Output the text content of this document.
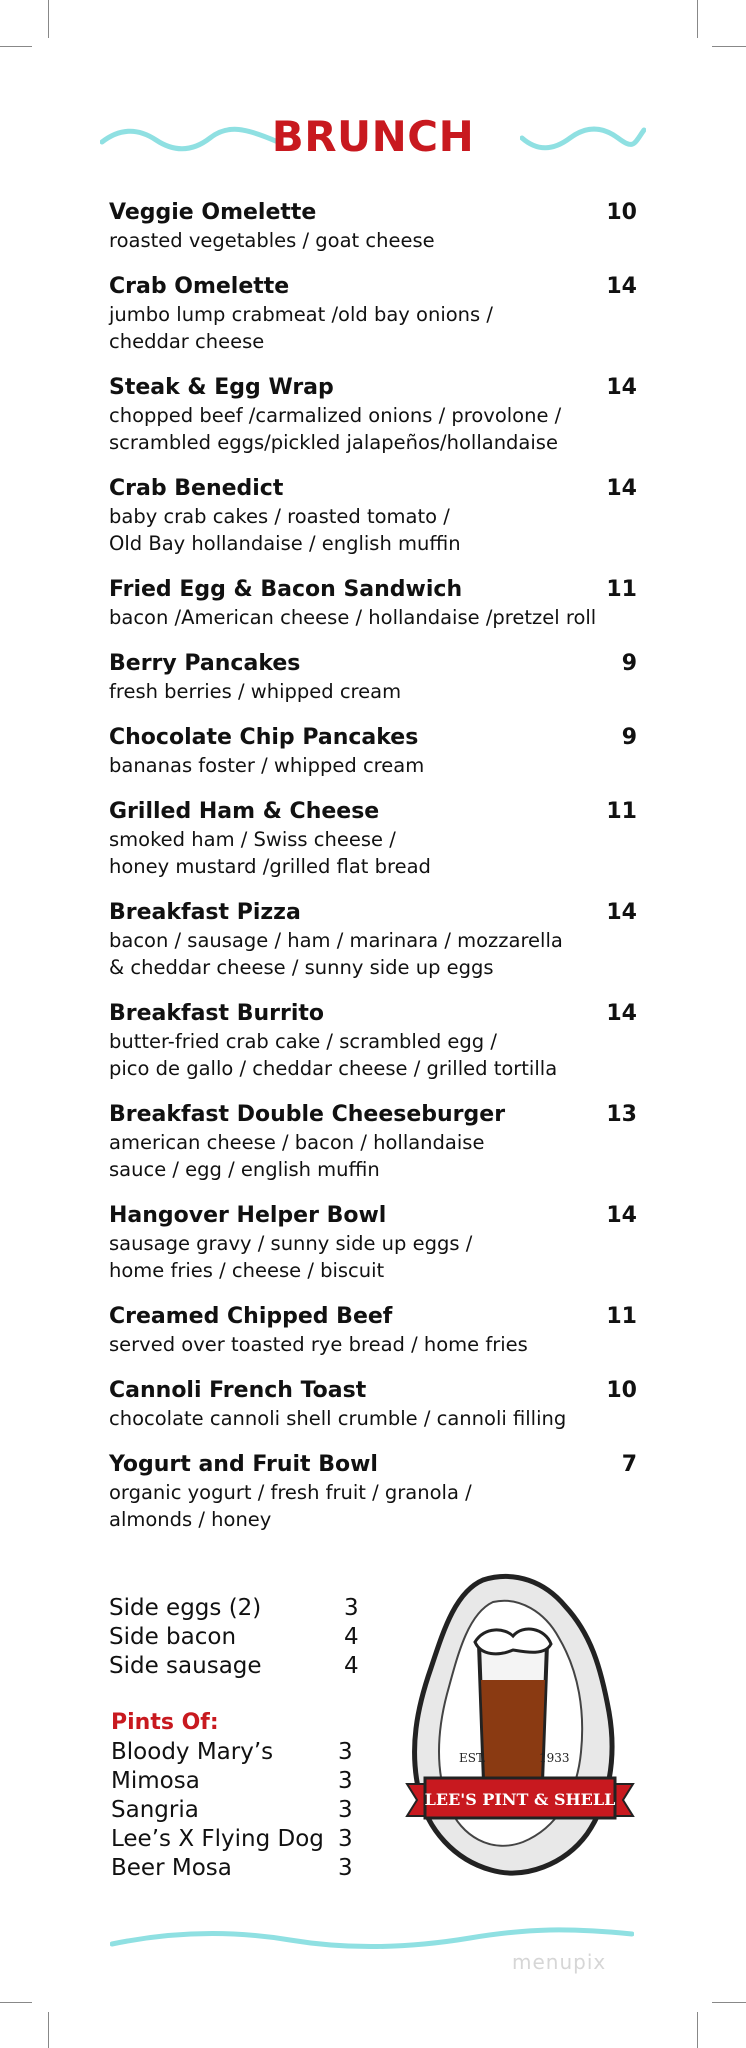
BRUNCH
Veggie Omelette	10
roasted vegetables / goat cheese
Crab Omelette	14
jumbo lump crabmeat /old bay onions /
cheddar cheese
Steak & Egg Wrap	14
chopped beef /carmalized onions / provolone /
scrambled eggs/pickled jalapeños/hollandaise
Crab Benedict	14
baby crab cakes / roasted tomato /
Old Bay hollandaise / english muffin
Fried Egg & Bacon Sandwich	11
bacon /American cheese / hollandaise /pretzel roll
Berry Pancakes	9
fresh berries / whipped cream
Chocolate Chip Pancakes	9
bananas foster / whipped cream
Grilled Ham & Cheese	11
smoked ham / Swiss cheese /
honey mustard /grilled flat bread
Breakfast Pizza	14
bacon / sausage / ham / marinara / mozzarella
& cheddar cheese / sunny side up eggs
Breakfast Burrito	14
butter-fried crab cake / scrambled egg /
pico de gallo / cheddar cheese / grilled tortilla
Breakfast Double Cheeseburger	13
american cheese / bacon / hollandaise
sauce / egg / english muffin
Hangover Helper Bowl	14
sausage gravy / sunny side up eggs /
home fries / cheese / biscuit
Creamed Chipped Beef	11
served over toasted rye bread / home fries
Cannoli French Toast	10
chocolate cannoli shell crumble / cannoli filling
Yogurt and Fruit Bowl	7
organic yogurt / fresh fruit / granola /
almonds / honey
Side eggs (2)	3
Side bacon	4
Side sausage	4
Pints Of:
Bloody Mary’s	3
Mimosa	3
Sangria	3
Lee’s X Flying Dog 3
Beer Mosa	3
EST.	1933
LEE'S PINT & SHELL
menupix
